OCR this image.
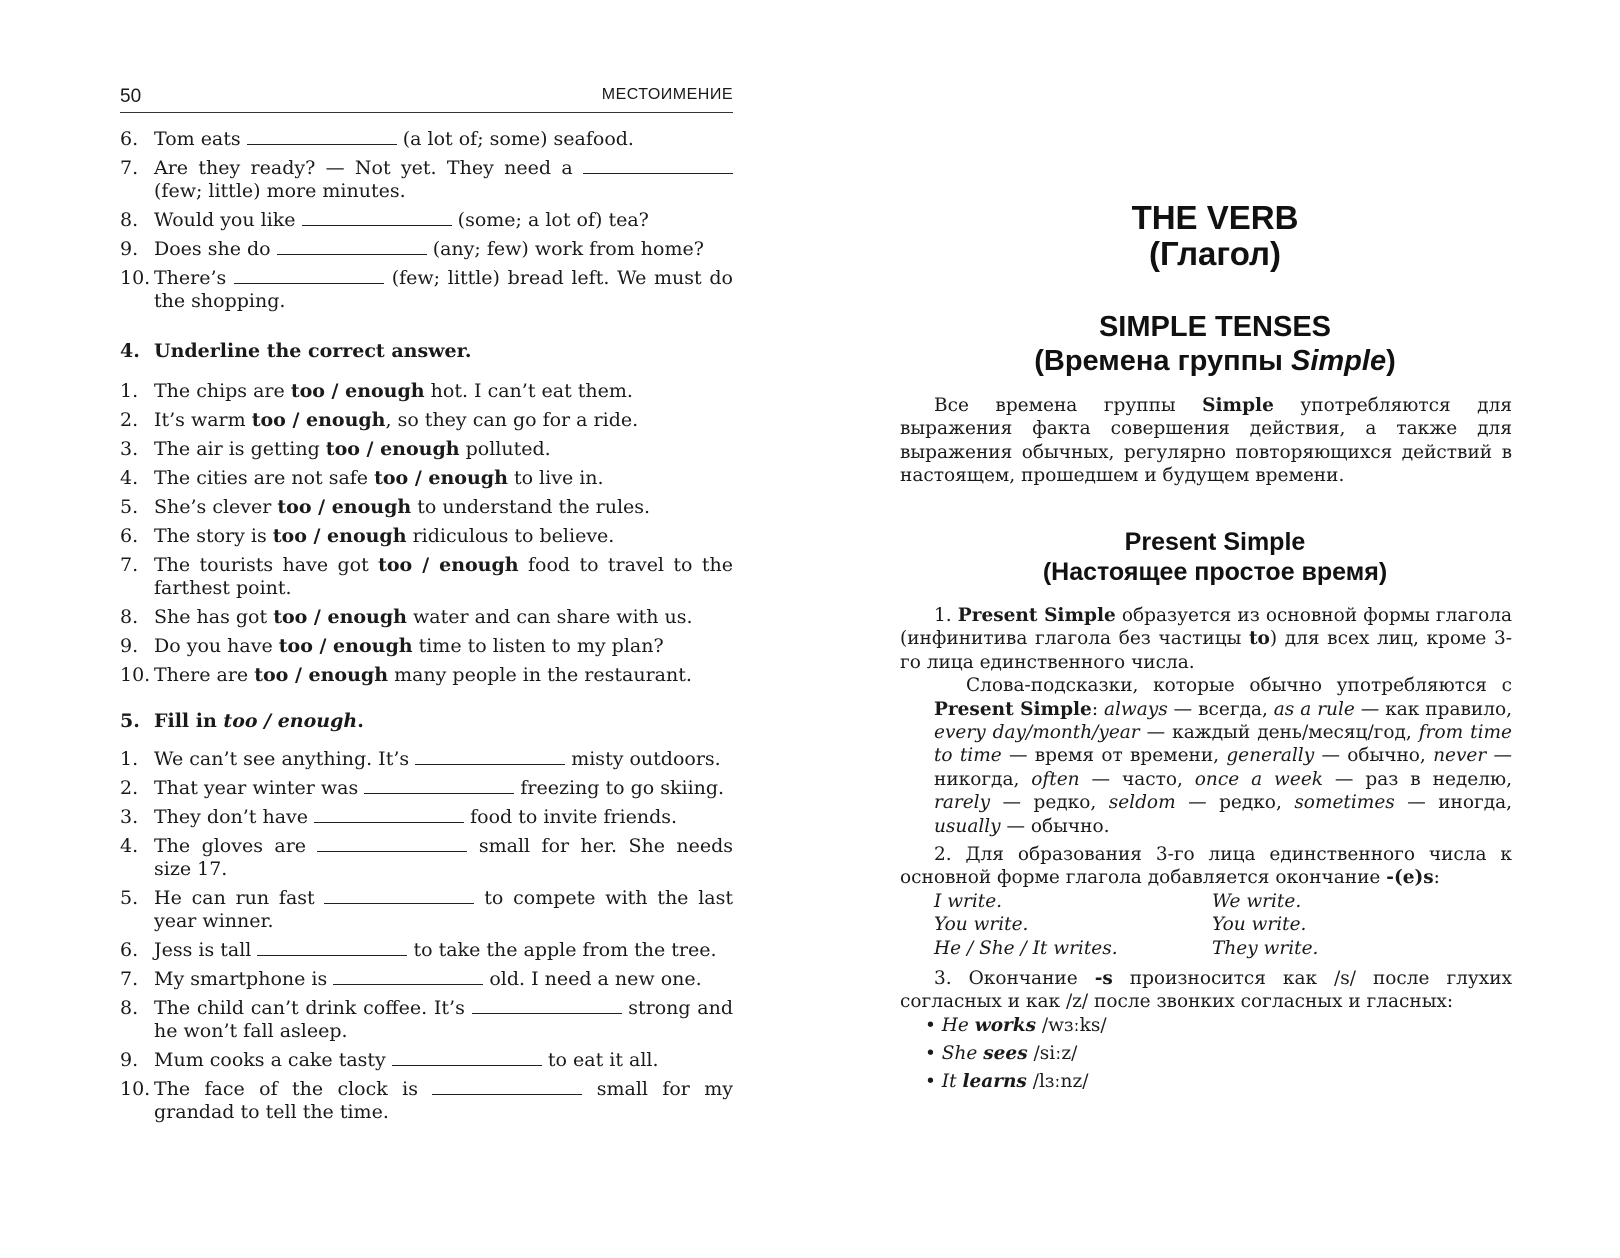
50	МЕСТОИМЕНИЕ
6. Tom eats	(a lot of; some) seafood.
7. Are they ready? — Not yet. They need a  (few; little) more minutes.
8. Would you like	(some; a lot of) tea?
9. Does she do	(any; few) work from home?
10. There’s	(few; little) bread left. We must do the shopping.
4. Underline the correct answer.
1. The chips are too / enough hot. I can’t eat them.
2. It’s warm too / enough, so they can go for a ride.
3. The air is getting too / enough polluted.
4. The cities are not safe too / enough to live in.
5. She’s clever too / enough to understand the rules.
6. The story is too / enough ridiculous to believe.
7. The tourists have got too / enough food to travel to the farthest point.
8. She has got too / enough water and can share with us.
9. Do you have too / enough time to listen to my plan?
10. There are too / enough many people in the restaurant.
5. Fill in too / enough.
1. We can’t see anything. It’s	misty outdoors.
2. That year winter was	freezing to go skiing.
3. They don’t have	food to invite friends.
4. The gloves are	small for her. She needs size 17.
5. He can run fast	to compete with the last year winner.
6. Jess is tall	to take the apple from the tree.
7. My smartphone is	old. I need a new one.
8. The child can’t drink coffee. It’s	strong and he won’t fall asleep.
9. Mum cooks a cake tasty	to eat it all.
10. The face of the clock is	small for my grandad to tell the time.
THE VERB
(Глагол)
SIMPLE TENSES
(Времена группы Simple)

Все времена группы Simple употребляются для выражения факта совершения действия, а также для выражения обычных, регулярно повторяющихся действий в настоящем, прошедшем и будущем времени.

Present Simple
(Настоящее простое время)

1. Present Simple образуется из основной формы глагола (инфинитива глагола без частицы to) для всех лиц, кроме 3-го лица единственного числа.

Слова-подсказки, которые обычно употребляются с Present Simple: always — всегда, as a rule — как правило, every day/month/year — каждый день/месяц/год, from time to time — время от времени, generally — обычно, never — никогда, often — часто, once a week — раз в неделю, rarely — редко, seldom — редко, sometimes — иногда, usually — обычно.

2. Для образования 3-го лица единственного числа к основной форме глагола добавляется окончание -(e)s:

I write.	We write.
You write.	You write.
He / She / It writes.	They write.

3. Окончание -s произносится как /s/ после глухих согласных и как /z/ после звонких согласных и гласных:

• He works /wɜːks/
• She sees /siːz/
• It learns /lɜːnz/
